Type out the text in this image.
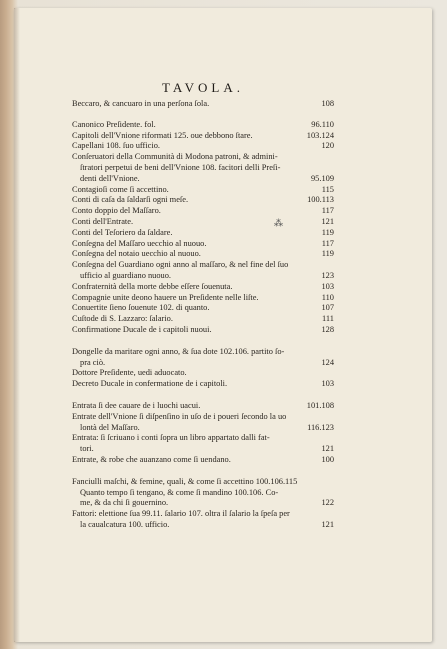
TAVOLA.
Beccaro, & cancuaro in una perſona ſola.	108
Canonico Preſidente. fol.	96.110
Capitoli dell'Vnione riformati 125. oue debbono ſtare.	103.124
Capellani 108. ſuo ufficio.	120
Conſeruatori della Communità di Modona patroni, & admini-
ſtratori perpetui de beni dell'Vnione 108. facitori delli Preſi-
denti dell'Vnione.	95.109
Contagioſi come ſi accettino.	115
Conti di caſa da ſaldarſi ogni meſe.	100.113
Conto doppio del Maſſaro.	117
Conti dell'Entrate.	121
Conti del Teſoriero da ſaldare.	119
Conſegna del Maſſaro uecchio al nuouo.	117
Conſegna del notaio uecchio al nuouo.	119
Conſegna del Guardiano ogni anno al maſſaro, & nel fine del ſuo
ufficio al guardiano nuouo.	123
Confraternità della morte debbe eſſere ſouenuta.	103
Compagnie unite deono hauere un Preſidente nelle liſte.	110
Conuertite ſieno ſouenute 102. di quanto.	107
Cuſtode di S. Lazzaro: ſalario.	111
Confirmatione Ducale de i capitoli nuoui.	128
Dongelle da maritare ogni anno, & ſua dote 102.106. partito ſo-
pra ciò.	124
Dottore Preſidente, uedi aduocato.
Decreto Ducale in confermatione de i capitoli.	103
Entrata ſi dee cauare de i luochi uacui.	101.108
Entrate dell'Vnione ſi diſpenſino in uſo de i poueri ſecondo la uo
lontà del Maſſaro.	116.123
Entrata: ſi ſcriuano i conti ſopra un libro appartato dalli fat-
tori.	121
Entrate, & robe che auanzano come ſi uendano.	100
Fanciulli maſchi, & femine, quali, & come ſi accettino 100.106.115
Quanto tempo ſi tengano, & come ſi mandino 100.106. Co-
me, & da chi ſi gouernino.	122
Fattori: elettione ſua 99.11. ſalario 107. oltra il ſalario la ſpeſa per
la caualcatura 100. ufficio.	121
⁂
